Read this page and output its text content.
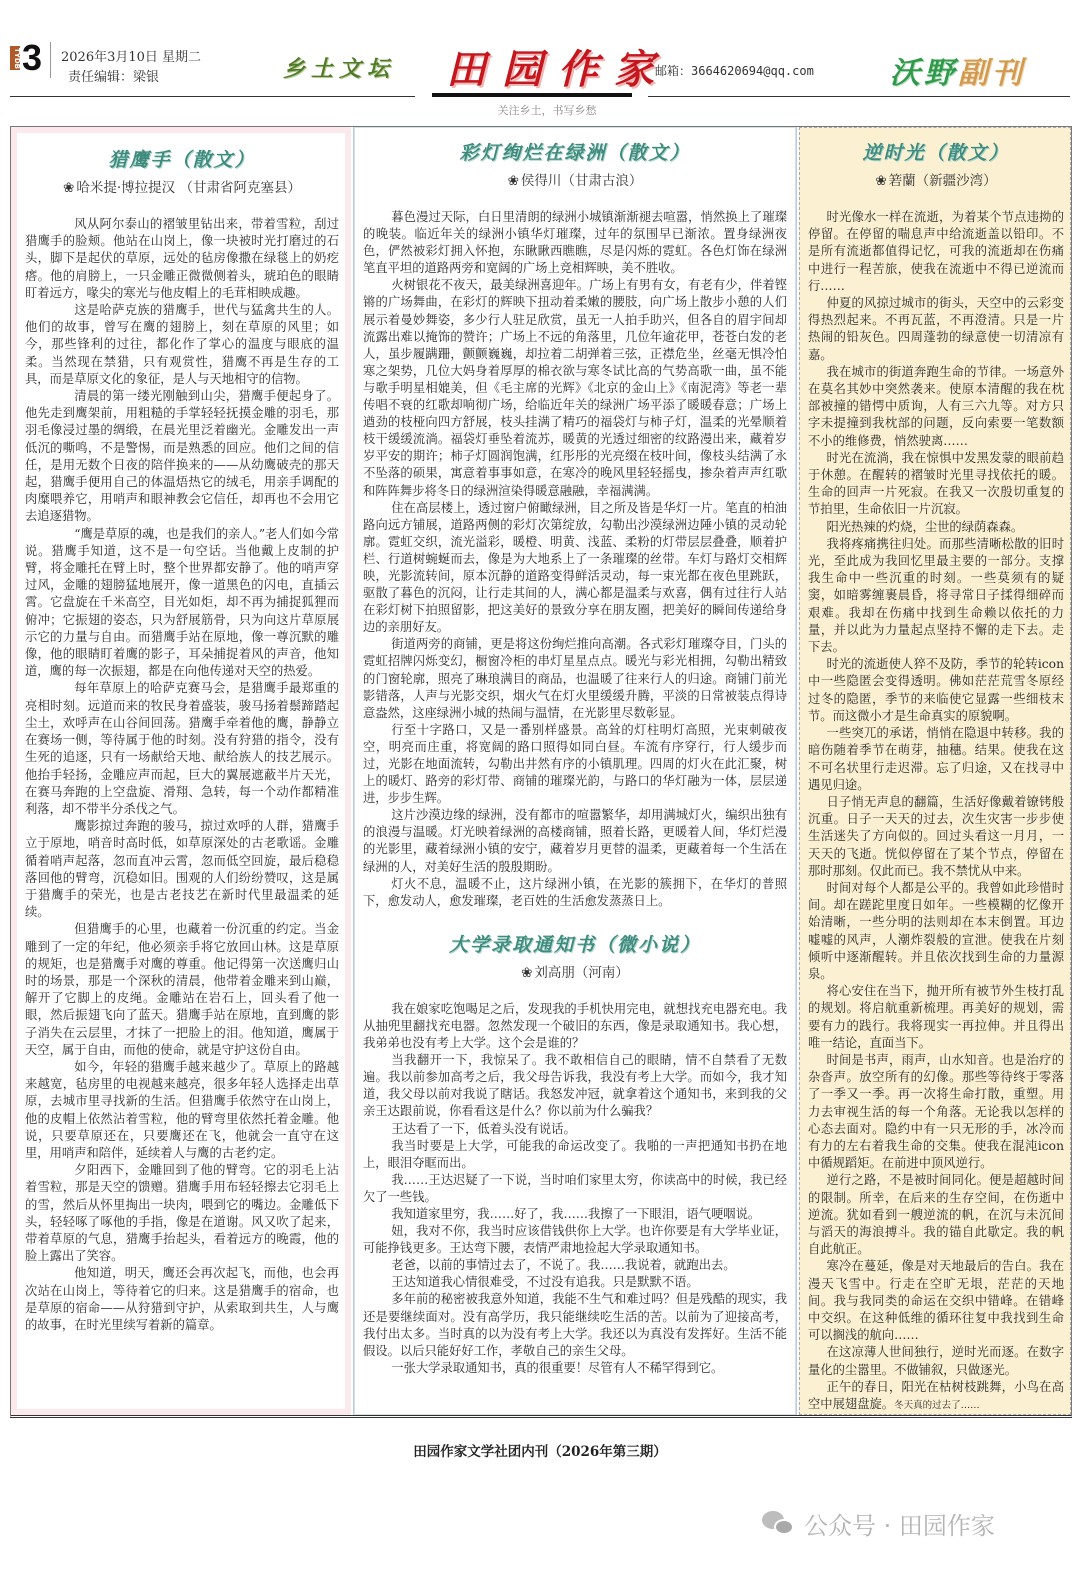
TYDB 3 2026年3月10日 星期二
责任编辑：梁银	乡土文坛 田园作家
关注乡土，书写乡愁
邮箱：3664620694@qq.com	沃野副刊
猎鹰手（散文）
❀ 哈米提·博拉提汉 （甘肃省阿克塞县）

风从阿尔泰山的褶皱里钻出来，带着雪粒，刮过猎鹰手的脸颊。他站在山岗上，像一块被时光打磨过的石头，脚下是起伏的草原，远处的毡房像撒在绿毯上的奶疙瘩。他的肩膀上，一只金雕正微微侧着头，琥珀色的眼睛盯着远方，喙尖的寒光与他皮帽上的毛茸相映成趣。

这是哈萨克族的猎鹰手，世代与猛禽共生的人。他们的故事，曾写在鹰的翅膀上，刻在草原的风里；如今，那些锋利的过往，都化作了掌心的温度与眼底的温柔。当然现在禁猎，只有观赏性，猎鹰不再是生存的工具，而是草原文化的象征，是人与天地相守的信物。

清晨的第一缕光刚触到山尖，猎鹰手便起身了。他先走到鹰架前，用粗糙的手掌轻轻抚摸金雕的羽毛，那羽毛像浸过墨的绸缎，在晨光里泛着幽光。金雕发出一声低沉的嘶鸣，不是警惕，而是熟悉的回应。他们之间的信任，是用无数个日夜的陪伴换来的——从幼鹰破壳的那天起，猎鹰手便用自己的体温焐热它的绒毛，用亲手调配的肉糜喂养它，用哨声和眼神教会它信任，却再也不会用它去追逐猎物。

“鹰是草原的魂，也是我们的亲人。”老人们如今常说。猎鹰手知道，这不是一句空话。当他戴上皮制的护臂，将金雕托在臂上时，整个世界都安静了。他的哨声穿过风，金雕的翅膀猛地展开，像一道黑色的闪电，直插云霄。它盘旋在千米高空，目光如炬，却不再为捕捉狐狸而俯冲；它振翅的姿态，只为舒展筋骨，只为向这片草原展示它的力量与自由。而猎鹰手站在原地，像一尊沉默的雕像，他的眼睛盯着鹰的影子，耳朵捕捉着风的声音，他知道，鹰的每一次振翅，都是在向他传递对天空的热爱。

每年草原上的哈萨克赛马会，是猎鹰手最郑重的亮相时刻。远道而来的牧民身着盛装，骏马扬着鬃蹄踏起尘土，欢呼声在山谷间回荡。猎鹰手牵着他的鹰，静静立在赛场一侧，等待属于他的时刻。没有狩猎的指令，没有生死的追逐，只有一场献给天地、献给族人的技艺展示。他抬手轻扬，金雕应声而起，巨大的翼展遮蔽半片天光，在赛马奔跑的上空盘旋、滑翔、急转，每一个动作都精准利落，却不带半分杀伐之气。

鹰影掠过奔跑的骏马，掠过欢呼的人群，猎鹰手立于原地，哨音时高时低，如草原深处的古老歌谣。金雕循着哨声起落，忽而直冲云霄，忽而低空回旋，最后稳稳落回他的臂弯，沉稳如旧。围观的人们纷纷赞叹，这是属于猎鹰手的荣光，也是古老技艺在新时代里最温柔的延续。

但猎鹰手的心里，也藏着一份沉重的约定。当金雕到了一定的年纪，他必须亲手将它放回山林。这是草原的规矩，也是猎鹰手对鹰的尊重。他记得第一次送鹰归山时的场景，那是一个深秋的清晨，他带着金雕来到山巅，解开了它脚上的皮绳。金雕站在岩石上，回头看了他一眼，然后振翅飞向了蓝天。猎鹰手站在原地，直到鹰的影子消失在云层里，才抹了一把脸上的泪。他知道，鹰属于天空，属于自由，而他的使命，就是守护这份自由。

如今，年轻的猎鹰手越来越少了。草原上的路越来越宽，毡房里的电视越来越亮，很多年轻人选择走出草原，去城市里寻找新的生活。但猎鹰手依然守在山岗上，他的皮帽上依然沾着雪粒，他的臂弯里依然托着金雕。他说，只要草原还在，只要鹰还在飞，他就会一直守在这里，用哨声和陪伴，延续着人与鹰的古老约定。

夕阳西下，金雕回到了他的臂弯。它的羽毛上沾着雪粒，那是天空的馈赠。猎鹰手用布轻轻擦去它羽毛上的雪，然后从怀里掏出一块肉，喂到它的嘴边。金雕低下头，轻轻啄了啄他的手指，像是在道谢。风又吹了起来，带着草原的气息，猎鹰手抬起头，看着远方的晚霞，他的脸上露出了笑容。

他知道，明天，鹰还会再次起飞，而他，也会再次站在山岗上，等待着它的归来。这是猎鹰手的宿命，也是草原的宿命——从狩猎到守护，从索取到共生，人与鹰的故事，在时光里续写着新的篇章。

彩灯绚烂在绿洲（散文）
❀ 侯得川（甘肃古浪）

暮色漫过天际，白日里清朗的绿洲小城镇渐渐褪去喧嚣，悄然换上了璀璨的晚装。临近年关的绿洲小镇华灯璀璨，过年的氛围早已渐浓。置身绿洲夜色，俨然被彩灯拥入怀抱，东瞅瞅西瞧瞧，尽是闪烁的霓虹。各色灯饰在绿洲笔直平坦的道路两旁和宽阔的广场上竞相辉映，美不胜收。

火树银花不夜天，最美绿洲喜迎年。广场上有男有女，有老有少，伴着铿锵的广场舞曲，在彩灯的辉映下扭动着柔嫩的腰肢，向广场上散步小憩的人们展示着曼妙舞姿，多少行人驻足欣赏，虽无一人拍手助兴，但各自的眉宇间却流露出难以掩饰的赞许；广场上不远的角落里，几位年逾花甲，苍苍白发的老人，虽步履蹒跚，颤颤巍巍，却拉着二胡弹着三弦，正襟危坐，丝毫无惧冷怕寒之架势，几位大妈身着厚厚的棉衣欲与寒冬试比高的气势高歌一曲，虽不能与歌手明星相媲美，但《毛主席的光辉》《北京的金山上》《南泥湾》等老一辈传唱不衰的红歌却响彻广场，给临近年关的绿洲广场平添了暖暖春意；广场上遒劲的枝桠向四方舒展，枝头挂满了精巧的福袋灯与柿子灯，温柔的光晕顺着枝干缓缓流淌。福袋灯垂坠着流苏，暖黄的光透过细密的纹路漫出来，藏着岁岁平安的期许；柿子灯圆润饱满，红彤彤的光亮缀在枝叶间，像枝头结满了永不坠落的硕果，寓意着事事如意，在寒冷的晚风里轻轻摇曳，掺杂着声声红歌和阵阵舞步将冬日的绿洲渲染得暖意融融，幸福满满。

住在高层楼上，透过窗户俯瞰绿洲，目之所及皆是华灯一片。笔直的柏油路向远方铺展，道路两侧的彩灯次第绽放，勾勒出沙漠绿洲边陲小镇的灵动轮廓。霓虹交织，流光溢彩，暖橙、明黄、浅蓝、柔粉的灯带层层叠叠，顺着护栏、行道树蜿蜒而去，像是为大地系上了一条璀璨的丝带。车灯与路灯交相辉映，光影流转间，原本沉静的道路变得鲜活灵动，每一束光都在夜色里跳跃，驱散了暮色的沉闷，让行走其间的人，满心都是温柔与欢喜，偶有过往行人站在彩灯树下拍照留影，把这美好的景致分享在朋友圈，把美好的瞬间传递给身边的亲朋好友。

街道两旁的商铺，更是将这份绚烂推向高潮。各式彩灯璀璨夺目，门头的霓虹招牌闪烁变幻，橱窗冷柜的串灯星星点点。暖光与彩光相拥，勾勒出精致的门窗轮廓，照亮了琳琅满目的商品，也温暖了往来行人的归途。商铺门前光影错落，人声与光影交织，烟火气在灯火里缓缓升腾，平淡的日常被装点得诗意盎然，这座绿洲小城的热闹与温情，在光影里尽数彰显。

行至十字路口，又是一番别样盛景。高耸的灯柱明灯高照，光束刺破夜空，明亮而庄重，将宽阔的路口照得如同白昼。车流有序穿行，行人缓步而过，光影在地面流转，勾勒出井然有序的小镇肌理。四周的灯火在此汇聚，树上的暖灯、路旁的彩灯带、商铺的璀璨光韵，与路口的华灯融为一体，层层递进，步步生辉。

这片沙漠边缘的绿洲，没有都市的喧嚣繁华，却用满城灯火，编织出独有的浪漫与温暖。灯光映着绿洲的高楼商铺，照着长路，更暖着人间，华灯烂漫的光影里，藏着绿洲小镇的安宁，藏着岁月更替的温柔，更藏着每一个生活在绿洲的人，对美好生活的殷殷期盼。

灯火不息，温暖不止，这片绿洲小镇，在光影的簇拥下，在华灯的普照下，愈发动人，愈发璀璨，老百姓的生活愈发蒸蒸日上。

大学录取通知书（微小说）
❀ 刘高朋（河南）

我在娘家吃饱喝足之后，发现我的手机快用完电，就想找充电器充电。我从抽兜里翻找充电器。忽然发现一个破旧的东西，像是录取通知书。我心想，我弟弟也没有考上大学。这个会是谁的？

当我翻开一下，我惊呆了。我不敢相信自己的眼睛，情不自禁看了无数遍。我以前参加高考之后，我父母告诉我，我没有考上大学。而如今，我才知道，我父母以前对我说了瞎话。我怒发冲冠，就拿着这个通知书，来到我的父亲王达跟前说，你看看这是什么？你以前为什么骗我？

王达看了一下，低着头没有说话。

我当时要是上大学，可能我的命运改变了。我啪的一声把通知书扔在地上，眼泪夺眶而出。

我……王达迟疑了一下说，当时咱们家里太穷，你读高中的时候，我已经欠了一些钱。

我知道家里穷，我……好了，我……我擦了一下眼泪，语气哽咽说。

妞，我对不你，我当时应该借钱供你上大学。也许你要是有大学毕业证，可能挣钱更多。王达弯下腰，表情严肃地捡起大学录取通知书。

老爸，以前的事情过去了，不说了。我……我说着，就跑出去。

王达知道我心情很难受，不过没有追我。只是默默不语。

多年前的秘密被我意外知道，我能不生气和难过吗？但是残酷的现实，我还是要继续面对。没有高学历，我只能继续吃生活的苦。以前为了迎接高考，我付出太多。当时真的以为没有考上大学。我还以为真没有发挥好。生活不能假设。以后只能好好工作，孝敬自己的亲生父母。

一张大学录取通知书，真的很重要！尽管有人不稀罕得到它。

逆时光（散文）
❀ 箬蘭（新疆沙湾）

时光像水一样在流逝，为着某个节点违拗的停留。在停留的喘息声中给流逝盖以铅印。不是所有流逝都值得记忆，可我的流逝却在伤痛中进行一程苦旅，使我在流逝中不得已逆流而行……

仲夏的风掠过城市的街头，天空中的云彩变得热烈起来。不再瓦蓝，不再澄清。只是一片热闹的铅灰色。四周蓬勃的绿意使一切清凉有嘉。

我在城市的街道奔跑生命的节律。一场意外在莫名其妙中突然袭来。使原本清醒的我在枕部被撞的错愕中质询，人有三六九等。对方只字未提撞到我枕部的问题，反向索要一笔数额不小的维修费，悄然驶离……

时光在流淌，我在惊惧中发黑发蒙的眼前趋于休憩。在醒转的褶皱时光里寻找依托的暖。生命的回声一片死寂。在我又一次殷切重复的节拍里，生命依旧一片沉寂。

阳光热辣的灼烧，尘世的绿荫森森。

我将疼痛携往归处。而那些清晰松散的旧时光，至此成为我回忆里最主要的一部分。支撑我生命中一些沉重的时刻。一些莫须有的疑窦，如暗雾缠裹晨昏，将寻常日子揉得细碎而艰难。我却在伤痛中找到生命赖以依托的力量，并以此为力量起点坚持不懈的走下去。走下去。

时光的流逝使人猝不及防，季节的轮转icon中一些隐匿会变得透明。佛如茫茫荒雪冬原经过冬的隐匿，季节的来临使它显露一些细枝末节。而这微小才是生命真实的原貌啊。

一些突兀的承诺，悄悄在隐退中转移。我的暗伤随着季节在萌芽，抽穗。结果。使我在这不可名状里行走迟滞。忘了归途，又在找寻中遇见归途。

日子悄无声息的翻篇，生活好像戴着镣铐般沉重。日子一天天的过去，次生灾害一步步使生活迷失了方向似的。回过头看这一月月，一天天的飞逝。恍似停留在了某个节点，停留在那时那刻。仅此而已。我不禁忧从中来。

时间对每个人都是公平的。我曾如此珍惜时间。却在蹉跎里度日如年。一些模糊的忆像开始清晰，一些分明的法则却在本末倒置。耳边嘘嘘的风声，人潮炸裂般的宣泄。使我在片刻倾听中逐渐醒转。并且依次找到生命的力量源泉。

将心安住在当下，抛开所有被节外生枝打乱的规划。将启航重新梳理。再美好的规划，需要有力的践行。我将现实一再拉伸。并且得出唯一结论，直面当下。

时间是书声，雨声，山水知音。也是治疗的杂沓声。放空所有的幻像。那些等待终于零落了一季又一季。再一次将生命打散，重塑。用力去审视生活的每一个角落。无论我以怎样的心态去面对。隐约中有一只无形的手，冰冷而有力的左右着我生命的交集。使我在混沌icon中循规蹈矩。在前进中顶风逆行。

逆行之路，不是被时间同化。便是超越时间的限制。所幸，在后来的生存空间，在伤逝中逆流。犹如看到一艘逆流的帆，在沉与未沉间与滔天的海浪搏斗。我的锚自此歇定。我的帆自此航正。

寒冷在蔓延，像是对天地最后的告白。我在漫天飞雪中。行走在空旷无垠，茫茫的天地间。我与我同类的命运在交织中错峰。在错峰中交织。在这种低维的循环往复中我找到生命可以搁浅的航向……

在这凉薄人世间独行，逆时光而逐。在数字量化的尘嚣里。不做铺叙，只做逐光。

正午的春日，阳光在枯树枝跳舞，小鸟在高空中展翅盘旋。冬天真的过去了……

田园作家文学社团内刊（2026年第三期）
公众号 · 田园作家
